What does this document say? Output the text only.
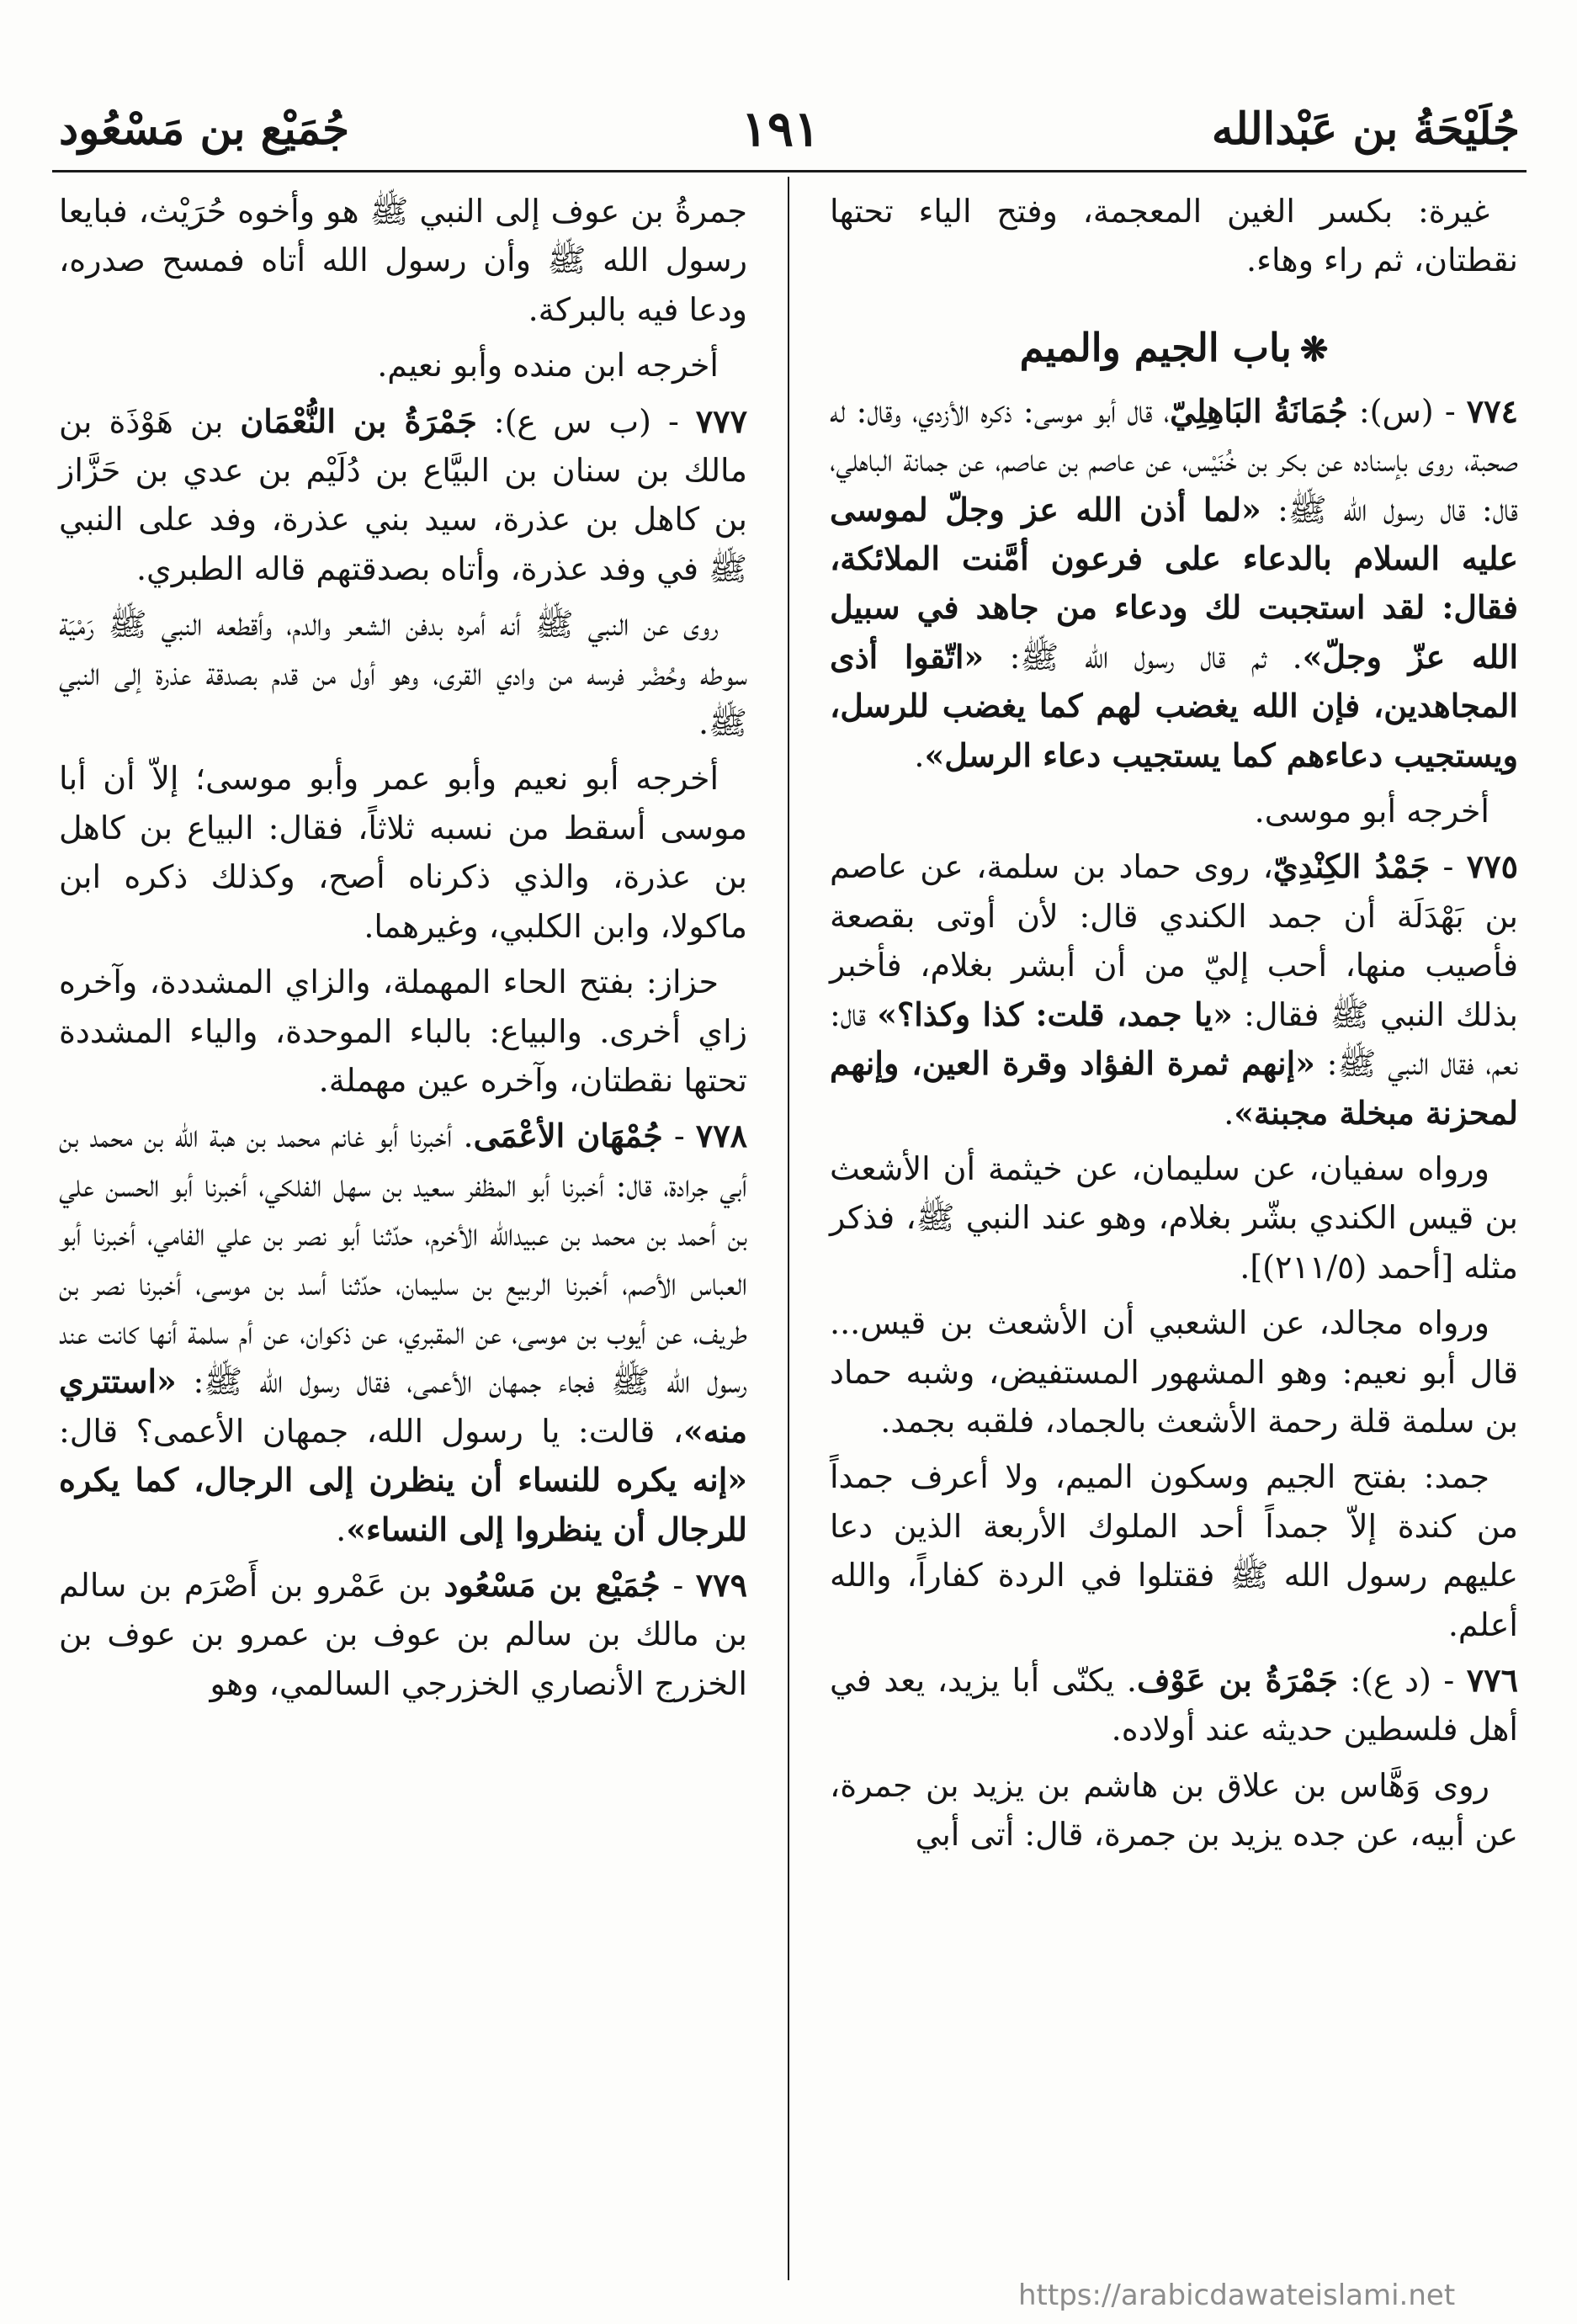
جُلَيْحَةُ بن عَبْدالله
١٩١
جُمَيْع بن مَسْعُود

غيرة: بكسر الغين المعجمة، وفتح الياء تحتها نقطتان، ثم راء وهاء.

❋باب الجيم والميم

٧٧٤ - (س): جُمَانَةُ البَاهِلِيّ، قال أبو موسى: ذكره الأزدي، وقال: له صحبة، روى بإسناده عن بكر بن خُنَيْس، عن عاصم بن عاصم، عن جمانة الباهلي، قال: قال رسول الله ﷺ: «لما أذن الله عز وجلّ لموسى عليه السلام بالدعاء على فرعون أمَّنت الملائكة، فقال: لقد استجبت لك ودعاء من جاهد في سبيل الله عزّ وجلّ». ثم قال رسول الله ﷺ: «اتّقوا أذى المجاهدين، فإن الله يغضب لهم كما يغضب للرسل، ويستجيب دعاءهم كما يستجيب دعاء الرسل».

أخرجه أبو موسى.

٧٧٥ - جَمْدُ الكِنْدِيّ، روى حماد بن سلمة، عن عاصم بن بَهْدَلَة أن جمد الكندي قال: لأن أوتى بقصعة فأصيب منها، أحب إليّ من أن أبشر بغلام، فأخبر بذلك النبي ﷺ فقال: «يا جمد، قلت: كذا وكذا؟» قال: نعم، فقال النبي ﷺ: «إنهم ثمرة الفؤاد وقرة العين، وإنهم لمحزنة مبخلة مجبنة».

ورواه سفيان، عن سليمان، عن خيثمة أن الأشعث بن قيس الكندي بشّر بغلام، وهو عند النبي ﷺ، فذكر مثله [أحمد (٢١١/٥)].

ورواه مجالد، عن الشعبي أن الأشعث بن قيس... قال أبو نعيم: وهو المشهور المستفيض، وشبه حماد بن سلمة قلة رحمة الأشعث بالجماد، فلقبه بجمد.

جمد: بفتح الجيم وسكون الميم، ولا أعرف جمداً من كندة إلاّ جمداً أحد الملوك الأربعة الذين دعا عليهم رسول الله ﷺ فقتلوا في الردة كفاراً، والله أعلم.

٧٧٦ - (د ع): جَمْرَةُ بن عَوْف. يكنّى أبا يزيد، يعد في أهل فلسطين حديثه عند أولاده.

روى وَهَّاس بن علاق بن هاشم بن يزيد بن جمرة، عن أبيه، عن جده يزيد بن جمرة، قال: أتى أبي

جمرةُ بن عوف إلى النبي ﷺ هو وأخوه حُرَيْث، فبايعا رسول الله ﷺ وأن رسول الله أتاه فمسح صدره، ودعا فيه بالبركة.

أخرجه ابن منده وأبو نعيم.

٧٧٧ - (ب س ع): جَمْرَةُ بن النُّعْمَان بن هَوْذَة بن مالك بن سنان بن البيَّاع بن دُلَيْم بن عدي بن حَزَّاز بن كاهل بن عذرة، سيد بني عذرة، وفد على النبي ﷺ في وفد عذرة، وأتاه بصدقتهم قاله الطبري.

روى عن النبي ﷺ أنه أمره بدفن الشعر والدم، وأقطعه النبي ﷺ رَمْيَة سوطه وحُضْر فرسه من وادي القرى، وهو أول من قدم بصدقة عذرة إلى النبي ﷺ.

أخرجه أبو نعيم وأبو عمر وأبو موسى؛ إلاّ أن أبا موسى أسقط من نسبه ثلاثاً، فقال: البياع بن كاهل بن عذرة، والذي ذكرناه أصح، وكذلك ذكره ابن ماكولا، وابن الكلبي، وغيرهما.

حزاز: بفتح الحاء المهملة، والزاي المشددة، وآخره زاي أخرى. والبياع: بالباء الموحدة، والياء المشددة تحتها نقطتان، وآخره عين مهملة.

٧٧٨ - جُمْهَان الأعْمَى. أخبرنا أبو غانم محمد بن هبة الله بن محمد بن أبي جرادة، قال: أخبرنا أبو المظفر سعيد بن سهل الفلكي، أخبرنا أبو الحسن علي بن أحمد بن محمد بن عبيدالله الأخرم، حدّثنا أبو نصر بن علي الفامي، أخبرنا أبو العباس الأصم، أخبرنا الربيع بن سليمان، حدّثنا أسد بن موسى، أخبرنا نصر بن طريف، عن أيوب بن موسى، عن المقبري، عن ذكوان، عن أم سلمة أنها كانت عند رسول الله ﷺ فجاء جمهان الأعمى، فقال رسول الله ﷺ: «استتري منه»، قالت: يا رسول الله، جمهان الأعمى؟ قال: «إنه يكره للنساء أن ينظرن إلى الرجال، كما يكره للرجال أن ينظروا إلى النساء».

٧٧٩ - جُمَيْع بن مَسْعُود بن عَمْرو بن أَصْرَم بن سالم بن مالك بن سالم بن عوف بن عمرو بن عوف بن الخزرج الأنصاري الخزرجي السالمي، وهو

https://arabicdawateislami.net
